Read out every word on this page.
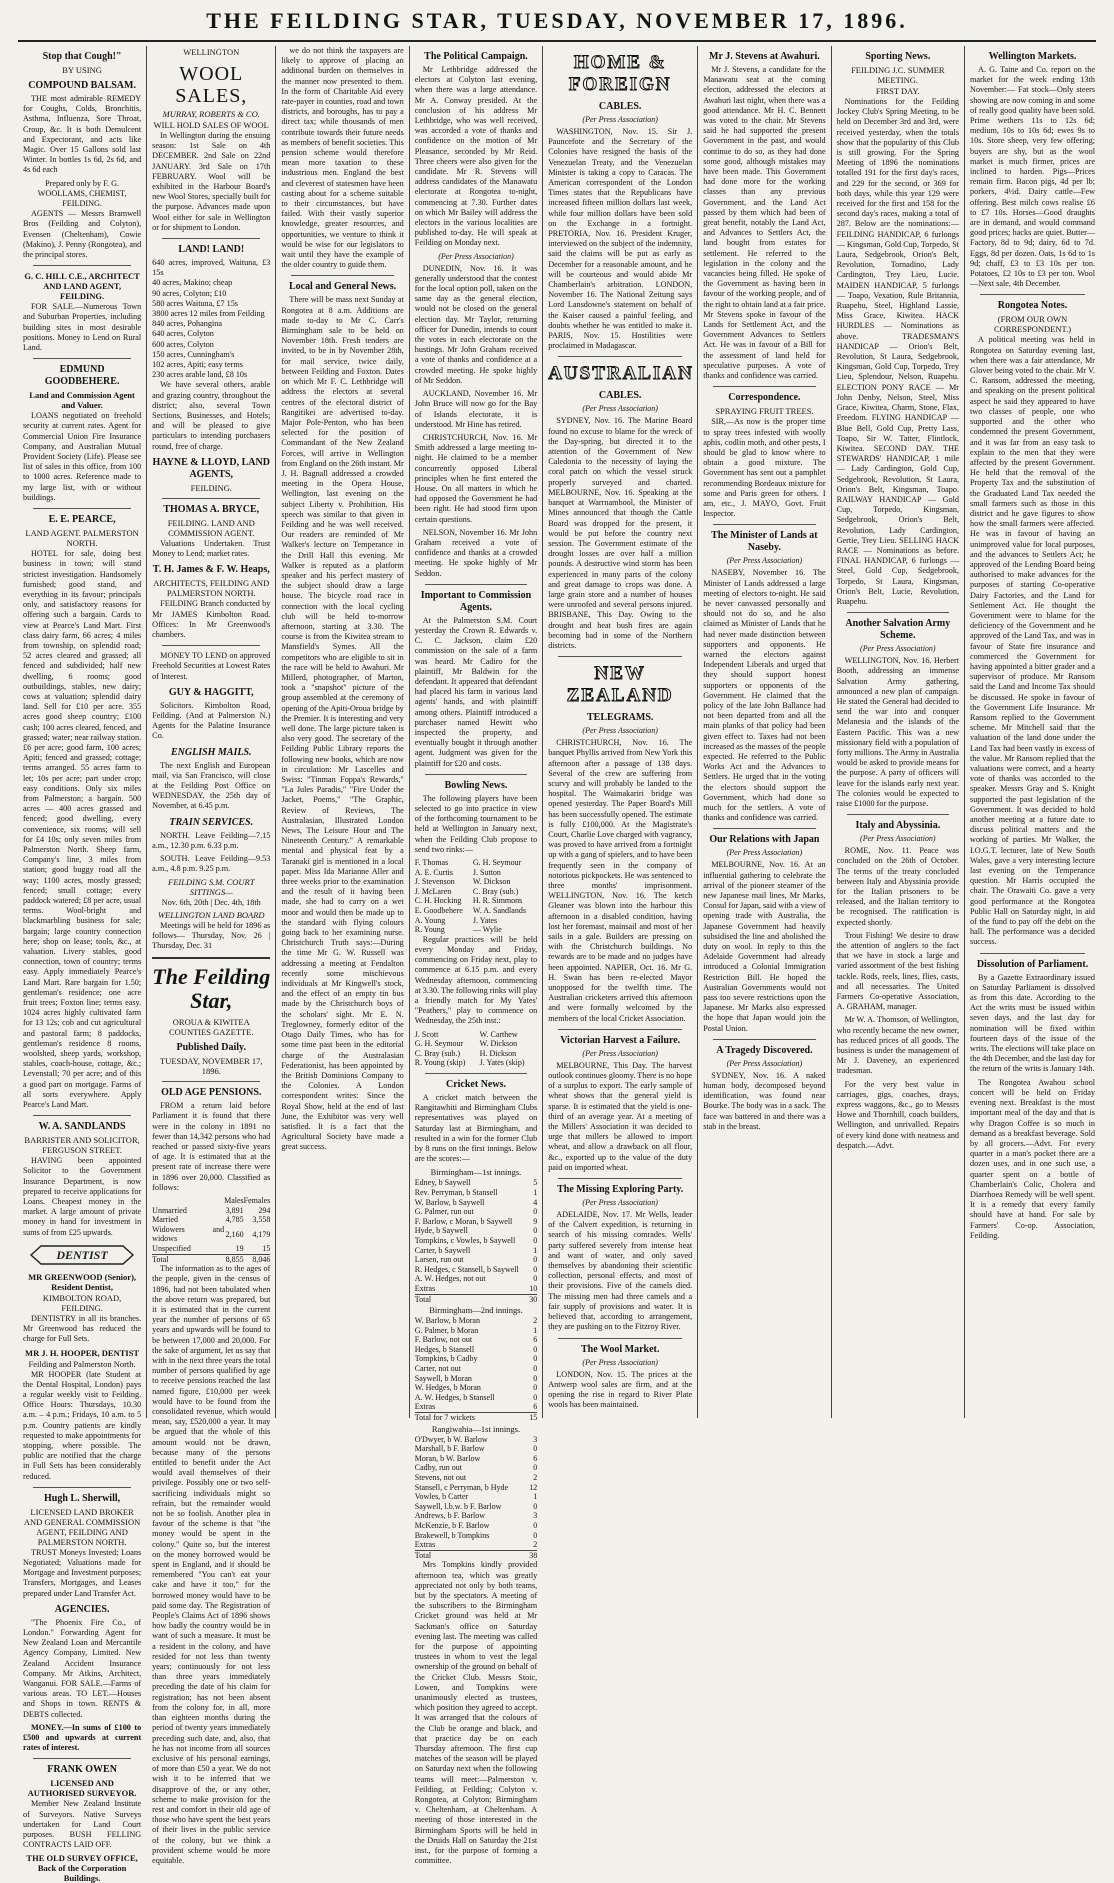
THE FEILDING STAR, TUESDAY, NOVEMBER 17, 1896.
Stop that Cough!"
BY USING
COMPOUND BALSAM.

THE most admirable REMEDY for Coughs, Colds, Bronchitis, Asthma, Influenza, Sore Throat, Croup, &c. It is both Demulcent and Expectorant, and acts like Magic. Over 15 Gallons sold last Winter. In bottles 1s 6d, 2s 6d, and 4s 6d each

Prepared only by F. G. WOOLLAMS, CHEMIST, FEILDING.

AGENTS — Messrs Bramwell Bros (Feilding and Colyton), Evensen (Cheltenham), Cowie (Makino), J. Penny (Rongotea), and the principal stores.

G. C. HILL C.E., ARCHITECT AND LAND AGENT, FEILDING.

FOR SALE.—Numerous Town and Suburban Properties, including building sites in most desirable positions. Money to Lend on Rural Land.

EDMUND GOODBEHERE.
Land and Commission Agent and Valuer.

LOANS negotiated on freehold security at current rates. Agent for Commercial Union Fire Insurance Company, and Australian Mutual Provident Society (Life). Please see list of sales in this office, from 100 to 1000 acres. Reference made to my large list, with or without buildings.

E. E. PEARCE,
LAND AGENT. PALMERSTON NORTH.

HOTEL for sale, doing best business in town; will stand strictest investigation. Handsomely furnished; good stand, and everything in its favour; principals only, and satisfactory reasons for offering such a bargain. Cards to view at Pearce's Land Mart. First class dairy farm, 66 acres; 4 miles from township, on splendid road; 52 acres cleared and grassed; all fenced and subdivided; half new dwelling, 6 rooms; good outbuildings, stables, new dairy; cows at valuation; splendid dairy land. Sell for £10 per acre. 355 acres good sheep country; £100 cash; 100 acres cleared, fenced, and grassed; water; near railway station. £6 per acre; good farm, 100 acres; Apiti; fenced and grassed; cottage; terms arranged. 55 acres farm to let; 10s per acre; part under crop; easy conditions. Only six miles from Palmerston; a bargain. 500 acres — 400 acres grassed and fenced; good dwelling, every convenience, six rooms; will sell for £4 10s; only seven miles from Palmerston North. Sheep farm, Company's line, 3 miles from station; good buggy road all the way; 1100 acres, mostly grassed; fenced; small cottage; every paddock watered; £8 per acre, usual terms. Wool-bright and blackmarbling business for sale; bargain; large country connection here; shop on lease; tools, &c., at valuation. Livery stables, good connection, town of country; terms easy. Apply immediately Pearce's Land Mart. Rare bargain for 1.50; gentleman's residence; one acre fruit trees; Foxton line; terms easy. 1024 acres highly cultivated farm for 13 12s; cob and cut agricultural and pastoral farm; 8 paddocks, gentleman's residence 8 rooms, woolshed, sheep yards, workshop, stables, coach-house, cottage, &c.; Levenstall; 70 per acre; and of this a good part on mortgage. Farms of all sorts everywhere. Apply Pearce's Land Mart.

W. A. SANDLANDS
BARRISTER AND SOLICITOR, FERGUSON STREET.

HAVING been appointed Solicitor to the Government Insurance Department, is now prepared to receive applications for Loans. Cheapest money in the market. A large amount of private money in hand for investment in sums of from £25 upwards.

DENTIST
MR GREENWOOD (Senior), Resident Dentist,
KIMBOLTON ROAD, FEILDING.

DENTISTRY in all its branches. Mr Greenwood has reduced the charge for Full Sets.

MR J. H. HOOPER, DENTIST
Feilding and Palmerston North.

MR HOOPER (late Student at the Dental Hospital, London) pays a regular weekly visit to Feilding. Office Hours: Thursdays, 10.30 a.m. – 4 p.m.; Fridays, 10 a.m. to 5 p.m. Country patients are kindly requested to make appointments for stopping, where possible. The public are notified that the charge in Full Sets has been considerably reduced.

Hugh L. Sherwill,
LICENSED LAND BROKER AND GENERAL COMMISSION AGENT, FEILDING AND PALMERSTON NORTH.

TRUST Moneys Invested; Loans Negotiated; Valuations made for Mortgage and Investment purposes; Transfers, Mortgages, and Leases prepared under Land Transfer Act.

AGENCIES.

"The Phoenix Fire Co., of London." Forwarding Agent for New Zealand Loan and Mercantile Agency Company, Limited. New Zealand Accident Insurance Company. Mr Atkins, Architect, Wanganui. FOR SALE.—Farms of various areas. TO LET.—Houses and Shops in town. RENTS & DEBTS collected.

MONEY.—In sums of £100 to £500 and upwards at current rates of interest.

FRANK OWEN
LICENSED AND AUTHORISED SURVEYOR.

Member New Zealand Institute of Surveyors. Native Surveys undertaken for Land Court purposes. BUSH FELLING CONTRACTS LAID OFF.

THE OLD SURVEY OFFICE, Back of the Corporation Buildings.
WELLINGTON
WOOL SALES,
MURRAY, ROBERTS & CO.
WILL HOLD SALES OF WOOL

In Wellington during the ensuing season: 1st Sale on 4th DECEMBER. 2nd Sale on 22nd JANUARY. 3rd Sale on 17th FEBRUARY. Wool will be exhibited in the Harbour Board's new Wool Stores, specially built for the purpose. Advances made upon Wool either for sale in Wellington or for shipment to London.

LAND! LAND!
640 acres, improved, Waituna, £3 15s
40 acres, Makino; cheap
90 acres, Colyton; £10
580 acres Waituna, £7 15s
3800 acres 12 miles from Feilding
840 acres, Pohangina
640 acres, Colyton
600 acres, Colyton
150 acres, Cunningham's
102 acres, Apiti; easy terms
230 acres arable land, £8 10s

We have several others, arable and grazing country, throughout the district; also, several Town Sections, Businesses, and Hotels; and will be pleased to give particulars to intending purchasers round, free of charge.

HAYNE & LLOYD, LAND AGENTS,
FEILDING.
THOMAS A. BRYCE,
FEILDING. LAND AND COMMISSION AGENT.

Valuations Undertaken. Trust Money to Lend; market rates.

T. H. James & F. W. Heaps,
ARCHITECTS, FEILDING AND PALMERSTON NORTH.

FEILDING Branch conducted by Mr JAMES Kimbolton Road. Offices: In Mr Greenwood's chambers.

MONEY TO LEND on approved Freehold Securities at Lowest Rates of Interest.

GUY & HAGGITT,

Solicitors. Kimbolton Road, Feilding. (And at Palmerston N.) Agents for the Palatine Insurance Co.

ENGLISH MAILS.

The next English and European mail, via San Francisco, will close at the Feilding Post Office on WEDNESDAY, the 25th day of November, at 6.45 p.m.

TRAIN SERVICES.

NORTH. Leave Feilding—7.15 a.m., 12.30 p.m. 6.33 p.m.

SOUTH. Leave Feilding—9.53 a.m., 4.8 p.m. 9.25 p.m.

FEILDING S.M. COURT SITTINGS—
Nov. 6th, 20th | Dec. 4th, 18th
WELLINGTON LAND BOARD

Meetings will be held for 1896 as follows— Thursday, Nov. 26 | Thursday, Dec. 31

The Feilding Star,
OROUA & KIWITEA COUNTIES GAZETTE.
Published Daily.
TUESDAY, NOVEMBER 17, 1896.
OLD AGE PENSIONS.

FROM a return laid before Parliament it is found that there were in the colony in 1891 no fewer than 14,342 persons who had reached or passed sixty-five years of age. It is estimated that at the present rate of increase there were in 1896 over 20,000. Classified as follows:

	Males	Females
Unmarried	3,891	294
Married	4,785	3,558
Widowers and widows	2,160	4,179
Unspecified	19	15
Total	8,855	8,046

The information as to the ages of the people, given in the census of 1896, had not been tabulated when the above return was prepared, but it is estimated that in the current year the number of persons of 65 years and upwards will be found to be between 17,000 and 20,000. For the sake of argument, let us say that with in the next three years the total number of persons qualified by age to receive pensions reached the last named figure, £10,000 per week would have to be found from the consolidated revenue, which would mean, say, £520,000 a year. It may be argued that the whole of this amount would not be drawn, because many of the persons entitled to benefit under the Act would avail themselves of their privilege. Possibly one or two self-sacrificing individuals might so refrain, but the remainder would not be so foolish. Another plea in favour of the scheme is that "the money would be spent in the colony." Quite so, but the interest on the money borrowed would be spent in England, and it should be remembered "You can't eat your cake and have it too," for the borrowed money would have to be paid some day. The Registration of People's Claims Act of 1896 shows how badly the country would be in want of such a measure. It must be a resident in the colony, and have resided for not less than twenty years; continuously for not less than three years immediately preceding the date of his claim for registration; has not been absent from the colony for, in all, more than eighteen months during the period of twenty years immediately preceding such date, and, also, that he has not income from all sources exclusive of his personal earnings, of more than £50 a year. We do not wish it to be inferred that we disapprove of the, or any other, scheme to make provision for the rest and comfort in their old age of those who have spent the best years of their lives in the public service of the colony, but we think a provident scheme would be more equitable.

we do not think the taxpayers are likely to approve of placing an additional burden on themselves in the manner now presented to them. In the form of Charitable Aid every rate-payer in counties, road and town districts, and boroughs, has to pay a direct tax; while thousands of men contribute towards their future needs as members of benefit societies. This pension scheme would therefore mean more taxation to these industrious men. England the best and cleverest of statesmen have been casting about for a scheme suitable to their circumstances, but have failed. With their vastly superior knowledge, greater resources, and opportunities, we venture to think it would be wise for our legislators to wait until they have the example of the older country to guide them.

Local and General News.

There will be mass next Sunday at Rongotea at 8 a.m. Additions are made to-day to Mr C. Carr's Birmingham sale to be held on November 18th. Fresh tenders are invited, to be in by November 28th, for mail service, twice daily, between Feilding and Foxton. Dates on which Mr F. C. Lethbridge will address the electors at several centres of the electoral district of Rangitikei are advertised to-day. Major Pole-Penton, who has been selected for the position of Commandant of the New Zealand Forces, will arrive in Wellington from England on the 26th instant. Mr J. H. Bagnall addressed a crowded meeting in the Opera House, Wellington, last evening on the subject Liberty v. Prohibition. His speech was similar to that given in Feilding and he was well received. Our readers are reminded of Mr Walker's lecture on Temperance in the Drill Hall this evening. Mr Walker is reputed as a platform speaker and his perfect mastery of the subject should draw a large house. The bicycle road race in connection with the local cycling club will be held to-morrow afternoon, starting at 3.30. The course is from the Kiwitea stream to Mansfield's Symes. All the competitors who are eligible to sit in the race will be held to Awahuri. Mr Millerd, photographer, of Marton, took a "snapshot" picture of the group assembled at the ceremony of opening of the Apiti-Oroua bridge by the Premier. It is interesting and very well done. The large picture taken is also very good. The secretary of the Feilding Public Library reports the following new books, which are now in circulation: Mr Lascelles and Swiss: "Tinman Foppa's Rewards," "La Jules Paradis," "Fire Under the Jacket, Poems," "The Graphic, Review of Reviews, The Australasian, Illustrated London News, The Leisure Hour and The Nineteenth Century." A remarkable mental and physical feat by a Taranaki girl is mentioned in a local paper. Miss Ida Marianne Aller and three weeks prior to the examination and the result of it having been made, she had to carry on a wet moor and would then be made up to the standard with flying colours going back to her examining nurse. Christchurch Truth says:—During the time Mr G. W. Russell was addressing a meeting at Fendalton recently some mischievous individuals at Mr Kingwell's stock, and the effect of an empty tin bus made by the Christchurch boys of the scholars' sight. Mr E. N. Treglowney, formerly editor of the Otago Daily Times, who has for some time past been in the editorial charge of the Australasian Federationist, has been appointed by the British Dominions Company to the Colonies. A London correspondent writes: Since the Royal Show, held at the end of last June, the Exhibitor was very well satisfied. It is a fact that the Agricultural Society have made a great success.

The Political Campaign.

Mr Lethbridge addressed the electors at Colyton last evening, when there was a large attendance. Mr A. Conway presided. At the conclusion of his address Mr Lethbridge, who was well received, was accorded a vote of thanks and confidence on the motion of Mr Pleasance, seconded by Mr Reid. Three cheers were also given for the candidate. Mr R. Stevens will address candidates of the Manawatu electorate at Rongotea to-night, commencing at 7.30. Further dates on which Mr Bailey will address the electors in the various localities are published to-day. He will speak at Feilding on Monday next.

(Per Press Association)

DUNEDIN, Nov. 16. It was generally understood that the contest for the local option poll, taken on the same day as the general election, would not be closed on the general election day. Mr Taylor, returning officer for Dunedin, intends to count the votes in each electorate on the hustings. Mr John Graham received a vote of thanks and confidence at a crowded meeting. He spoke highly of Mr Seddon.

AUCKLAND, November 16. Mr John Bruce will now go for the Bay of Islands electorate, it is understood. Mr Hine has retired.

CHRISTCHURCH, Nov. 16. Mr Smith addressed a large meeting to-night. He claimed to be a member concurrently opposed Liberal principles when he first entered the House. On all matters in which he had opposed the Government he had been right. He had stood firm upon certain questions.

NELSON, November 16. Mr John Graham received a vote of confidence and thanks at a crowded meeting. He spoke highly of Mr Seddon.

Important to Commission Agents.

At the Palmerston S.M. Court yesterday the Crown R. Edwards v. C. C. Jackson, claim £20 commission on the sale of a farm was heard. Mr Cadiro for the plaintiff, Mr Baldwin for the defendant. It appeared that defendant had placed his farm in various land agents' hands, and with plaintiff among others. Plaintiff introduced a purchaser named Hewitt who inspected the property, and eventually bought it through another agent. Judgment was given for the plaintiff for £20 and costs.

Bowling News.

The following players have been selected to go into practice in view of the forthcoming tournament to be held at Wellington in January next, when the Feilding Club propose to send two rinks:—

F. Thomas	G. H. Seymour
A. E. Curtis	J. Sutton
J. Stevenson	W. Dickson
J. McLaren	C. Bray (sub.)
C. H. Hocking	H. R. Simmons
E. Goodbehere	W. A. Sandlands
A. Young	J. Yates
R. Young	— Wylie

Regular practices will be held every Monday and Friday, commencing on Friday next, play to commence at 6.15 p.m. and every Wednesday afternoon, commencing at 3.30. The following rinks will play a friendly match for My Yates' "Peathers," play to commence on Wednesday, the 25th inst.:

J. Scott	W. Carthew
G. H. Seymour	W. Dickson
C. Bray (sub.)	H. Dickson
R. Young (skip)	J. Yates (skip)
Cricket News.

A cricket match between the Rangitawhiti and Birmingham Clubs representatives was played on Saturday last at Birmingham, and resulted in a win for the former Club by 8 runs on the first innings. Below are the scores:—

Birmingham—1st innings.
Edney, b Saywell	5
Rev. Perryman, b Stansell	1
W. Barlow, b Saywell	4
G. Palmer, run out	0
F. Barlow, c Moran, b Saywell	9
Hyde, b Saywell	0
Tompkins, c Vowles, b Saywell	0
Carter, b Saywell	1
Larsen, run out	0
R. Hedges, c Stansell, b Saywell	0
A. W. Hedges, not out	0
Extras	10
Total	30
Birmingham—2nd innings.
W. Barlow, b Moran	2
G. Palmer, b Moran	1
F. Barlow, not out	6
Hedges, b Stansell	0
Tompkins, b Cadby	0
Carter, not out	0
Saywell, b Moran	0
W. Hedges, b Moran	0
A. W. Hedges, b Stansell	0
Extras	6
Total for 7 wickets	15
Rangiwahia—1st innings.
O'Dwyer, b W. Barlow	3
Marshall, b F. Barlow	0
Moran, b W. Barlow	6
Cadby, run out	0
Stevens, not out	2
Stansell, c Perryman, b Hyde	12
Vowles, b Carter	1
Saywell, l.b.w. b F. Barlow	0
Andrews, b F. Barlow	3
McKenzie, b F. Barlow	0
Brakewell, b Tompkins	0
Extras	2
Total	38

Mrs Tompkins kindly provided afternoon tea, which was greatly appreciated not only by both teams, but by the spectators. A meeting of the subscribers to the Birmingham Cricket ground was held at Mr Sackman's office on Saturday evening last. The meeting was called for the purpose of appointing trustees in whom to vest the legal ownership of the ground on behalf of the Cricket Club. Messrs Stoic, Lowen, and Tompkins were unanimously elected as trustees, which position they agreed to accept. It was arranged that the colours of the Club be orange and black, and that practice day be on each Thursday afternoon. The first cup matches of the season will be played on Saturday next when the following teams will meet:—Palmerston v. Feilding, at Feilding; Colyton v. Rongotea, at Colyton; Birmingham v. Cheltenham, at Cheltenham. A meeting of those interested in the Birmingham Sports will be held in the Druids Hall on Saturday the 21st inst., for the purpose of forming a committee.

HOME & FOREIGN
CABLES.
(Per Press Association)

WASHINGTON, Nov. 15. Sir J. Pauncefote and the Secretary of the Colonies have resigned the basis of the Venezuelan Treaty, and the Venezuelan Minister is taking a copy to Caracas. The American correspondent of the London Times states that the Republicans have increased fifteen million dollars last week, while four million dollars have been sold on the Exchange in a fortnight. PRETORIA, Nov. 16. President Kruger, interviewed on the subject of the indemnity, said the claims will be put as early as December for a reasonable amount, and he will be courteous and would abide Mr Chamberlain's arbitration. LONDON, November 16. The National Zeitung says Lord Lansdowne's statement on behalf of the Kaiser caused a painful feeling, and doubts whether he was entitled to make it. PARIS, Nov. 15. Hostilities were proclaimed in Madagascar.

AUSTRALIAN
CABLES.
(Per Press Association)

SYDNEY, Nov. 16. The Marine Board found no excuse to blame for the wreck of the Day-spring, but directed it to the attention of the Government of New Caledonia to the necessity of laying the coral patch on which the vessel struck properly surveyed and charted. MELBOURNE, Nov. 16. Speaking at the banquet at Warrnambool, the Minister of Mines announced that though the Cattle Board was dropped for the present, it would be put before the country next session. The Government estimate of the drought losses are over half a million pounds. A destructive wind storm has been experienced in many parts of the colony and great damage to crops was done. A large grain store and a number of houses were unroofed and several persons injured. BRISBANE, This Day. Owing to the drought and heat bush fires are again becoming bad in some of the Northern districts.

NEW ZEALAND
TELEGRAMS.
(Per Press Association)

CHRISTCHURCH, Nov. 16. The banquet Phyllis arrived from New York this afternoon after a passage of 138 days. Several of the crew are suffering from scurvy and will probably be landed to the hospital. The Waimakariri bridge was opened yesterday. The Paper Board's Mill has been successfully opened. The estimate is fully £100,000. At the Magistrate's Court, Charlie Love charged with vagrancy, was proved to have arrived from a fortnight up with a gang of spielers, and to have been frequently seen in the company of notorious pickpockets. He was sentenced to three months' imprisonment. WELLINGTON, Nov. 16. The ketch Gleaner was blown into the harbour this afternoon in a disabled condition, having lost her foremast, mainsail and most of her sails in a gale. Builders are pressing on with the Christchurch buildings. No rewards are to be made and no judges have been appointed. NAPIER, Oct. 16. Mr G. H. Swan has been re-elected Mayor unopposed for the twelfth time. The Australian cricketers arrived this afternoon and were formally welcomed by the members of the local Cricket Association.

Victorian Harvest a Failure.
(Per Press Association)

MELBOURNE, This Day. The harvest outlook continues gloomy. There is no hope of a surplus to export. The early sample of wheat shows that the general yield is sparse. It is estimated that the yield is one-third of an average year. At a meeting of the Millers' Association it was decided to urge that millers be allowed to import wheat, and allow a drawback on all flour, &c., exported up to the value of the duty paid on imported wheat.

The Missing Exploring Party.
(Per Press Association)

ADELAIDE, Nov. 17. Mr Wells, leader of the Calvert expedition, is returning in search of his missing comrades. Wells' party suffered severely from intense heat and want of water, and only saved themselves by abandoning their scientific collection, personal effects, and most of their provisions. Five of the camels died. The missing men had three camels and a fair supply of provisions and water. It is believed that, according to arrangement, they are pushing on to the Fitzroy River.

The Wool Market.
(Per Press Association)

LONDON, Nov. 15. The prices at the Antwerp wool sales are firm, and at the opening the rise in regard to River Plate wools has been maintained.

Mr J. Stevens at Awahuri.

Mr J. Stevens, a candidate for the Manawatu seat at the coming election, addressed the electors at Awahuri last night, when there was a good attendance. Mr H. C. Bennett was voted to the chair. Mr Stevens said he had supported the present Government in the past, and would continue to do so, as they had done some good, although mistakes may have been made. This Government had done more for the working classes than any previous Government, and the Land Act passed by them which had been of great benefit, notably the Land Act, and Advances to Settlers Act, the land bought from estates for settlement. He referred to the legislation in the colony and the vacancies being filled. He spoke of the Government as having been in favour of the working people, and of the right to obtain land at a fair price. Mr Stevens spoke in favour of the Lands for Settlement Act, and the Government Advances to Settlers Act. He was in favour of a Bill for the assessment of land held for speculative purposes. A vote of thanks and confidence was carried.

Correspondence.
SPRAYING FRUIT TREES.

SIR,—As now is the proper time to spray trees infested with woolly aphis, codlin moth, and other pests, I should be glad to know where to obtain a good mixture. The Government has sent out a pamphlet recommending Bordeaux mixture for some and Paris green for others. I am, etc., J. MAYO, Govt. Fruit Inspector.

The Minister of Lands at Naseby.
(Per Press Association)

NASEBY, November 16. The Minister of Lands addressed a large meeting of electors to-night. He said he never canvassed personally and should not do so, and he also claimed as Minister of Lands that he had never made distinction between supporters and opponents. He warned the electors against Independent Liberals and urged that they should support honest supporters or opponents of the Government. He claimed that the policy of the late John Ballance had not been departed from and all the main planks of that policy had been given effect to. Taxes had not been increased as the masses of the people expected. He referred to the Public Works Act and the Advances to Settlers. He urged that in the voting the electors should support the Government, which had done so much for the settlers. A vote of thanks and confidence was carried.

Our Relations with Japan
(Per Press Association)

MELBOURNE, Nov. 16. At an influential gathering to celebrate the arrival of the pioneer steamer of the new Japanese mail lines, Mr Marks, Consul for Japan, said with a view of opening trade with Australia, the Japanese Government had heavily subsidised the line and abolished the duty on wool. In reply to this the Adelaide Government had already introduced a Colonial Immigration Restriction Bill. He hoped the Australian Governments would not pass too severe restrictions upon the Japanese. Mr Marks also expressed the hope that Japan would join the Postal Union.

A Tragedy Discovered.
(Per Press Association)

SYDNEY, Nov. 16. A naked human body, decomposed beyond identification, was found near Bourke. The body was in a sack. The face was battered in and there was a stab in the breast.

Sporting News.
FEILDING J.C. SUMMER MEETING.
FIRST DAY.

Nominations for the Feilding Jockey Club's Spring Meeting, to be held on December 3rd and 3rd, were received yesterday, when the totals show that the popularity of this Club is still growing. For the Spring Meeting of 1896 the nominations totalled 191 for the first day's races, and 229 for the second, or 369 for both days, while this year 129 were received for the first and 158 for the second day's races, making a total of 287. Below are the nominations:— FEILDING HANDICAP, 6 furlongs — Kingsman, Gold Cup, Torpedo, St Laura, Sedgebrook, Orion's Belt, Revolution, Tornadino, Lady Cardington, Trey Lieu, Lucie. MAIDEN HANDICAP, 5 furlongs — Toapo, Vexation, Rule Britannia, Ruapehu, Steel, Highland Lassie, Miss Grace, Kiwitea. HACK HURDLES — Nominations as above. TRADESMAN'S HANDICAP — Orion's Belt, Revolution, St Laura, Sedgebrook, Kingsman, Gold Cup, Torpedo, Trey Lieu, Splendour, Nelson, Ruapehu. ELECTION PONY RACE — Mr John Denby, Nelson, Steel, Miss Grace, Kiwitea, Charm, Stone, Flax, Freedom. FLYING HANDICAP — Blue Bell, Gold Cup, Pretty Lass, Toapo, Sir W. Tatter, Flintlock, Kiwitea. SECOND DAY. THE STEWARDS' HANDICAP, 1 mile — Lady Cardington, Gold Cup, Sedgebrook, Revolution, St Laura, Orion's Belt, Kingsman, Toapo. RAILWAY HANDICAP — Gold Cup, Torpedo, Kingsman, Sedgebrook, Orion's Belt, Revolution, Lady Cardington, Gertie, Trey Lieu. SELLING HACK RACE — Nominations as before. FINAL HANDICAP, 6 furlongs — Steel, Gold Cup, Sedgebrook, Torpedo, St Laura, Kingsman, Orion's Belt, Lucie, Revolution, Ruapehu.

Another Salvation Army Scheme.
(Per Press Association)

WELLINGTON, Nov. 16. Herbert Booth, addressing an immense Salvation Army gathering, announced a new plan of campaign. He stated the General had decided to send the war into and conquer Melanesia and the islands of the Eastern Pacific. This was a new missionary field with a population of forty millions. The Army in Australia would be asked to provide means for the purpose. A party of officers will leave for the islands early next year. The colonies would be expected to raise £1000 for the purpose.

Italy and Abyssinia.
(Per Press Association)

ROME, Nov. 11. Peace was concluded on the 26th of October. The terms of the treaty concluded between Italy and Abyssinia provide for the Italian prisoners to be released, and the Italian territory to be recognised. The ratification is expected shortly.

Trout Fishing! We desire to draw the attention of anglers to the fact that we have in stock a large and varied assortment of the best fishing tackle. Rods, reels, lines, flies, casts, and all necessaries. The United Farmers Co-operative Association, A. GRAHAM, manager.

Mr W. A. Thomson, of Wellington, who recently became the new owner, has reduced prices of all goods. The business is under the management of Mr J. Daveney, an experienced tradesman.

For the very best value in carriages, gigs, coaches, drays, express waggons, &c., go to Messrs Howe and Thornhill, coach builders, Wellington, and unrivalled. Repairs of every kind done with neatness and despatch.—Advt.

Wellington Markets.

A. G. Taine and Co. report on the market for the week ending 13th November:— Fat stock—Only steers showing are now coming in and some of really good quality have been sold. Prime wethers 11s to 12s 6d; medium, 10s to 10s 6d; ewes 9s to 10s. Store sheep, very few offering; buyers are shy, but as the wool market is much firmer, prices are inclined to harden. Pigs—Prices remain firm. Bacon pigs, 4d per lb; porkers, 4½d. Dairy cattle—Few offering. Best milch cows realise £6 to £7 10s. Horses—Good draughts are in demand, and would command good prices; hacks are quiet. Butter—Factory, 8d to 9d; dairy, 6d to 7d. Eggs, 8d per dozen. Oats, 1s 6d to 1s 9d; chaff, £3 to £3 10s per ton. Potatoes, £2 10s to £3 per ton. Wool—Next sale, 4th December.

Rongotea Notes.
(FROM OUR OWN CORRESPONDENT.)

A political meeting was held in Rongotea on Saturday evening last, when there was a fair attendance, Mr Glover being voted to the chair. Mr V. C. Ransom, addressed the meeting, and speaking on the present political aspect he said they appeared to have two classes of people, one who supported and the other who condemned the present Government, and it was far from an easy task to explain to the men that they were affected by the present Government. He held that the removal of the Property Tax and the substitution of the Graduated Land Tax needed the small farmers such as those in this district and he gave figures to show how the small farmers were affected. He was in favour of having an unimproved value for local purposes, and the advances to Settlers Act; he approved of the Lending Board being authorised to make advances for the purposes of starting Co-operative Dairy Factories, and the Land for Settlement Act. He thought the Government were to blame for the deficiency of the Government and he approved of the Land Tax, and was in favour of State fire insurance and commerced the Government for having appointed a bitter grader and a supervisor of produce. Mr Ransom said the Land and Income Tax should be discussed. He spoke in favour of the Government Life Insurance. Mr Ransom replied to the Government scheme. Mr Mitchell said that the valuation of the land done under the Land Tax had been vastly in excess of the value. Mr Ransom replied that the valuations were correct, and a hearty vote of thanks was accorded to the speaker. Messrs Gray and S. Knight supported the past legislation of the Government. It was decided to hold another meeting at a future date to discuss political matters and the working of parties. Mr Walker, the I.O.G.T. lecturer, late of New South Wales, gave a very interesting lecture last evening on the Temperance question. Mr Harris occupied the chair. The Orawaiti Co. gave a very good performance at the Rongotea Public Hall on Saturday night, in aid of the fund to pay off the debt on the hall. The performance was a decided success.

Dissolution of Parliament.

By a Gazette Extraordinary issued on Saturday Parliament is dissolved as from this date. According to the Act the writs must be issued within seven days, and the last day for nomination will be fixed within fourteen days of the issue of the writs. The elections will take place on the 4th December, and the last day for the return of the writs is January 14th.

The Rongotea Awahou school concert will be held on Friday evening next. Breakfast is the most important meal of the day and that is why Dragon Coffee is so much in demand as a breakfast beverage. Sold by all grocers.—Advt. For every quarter in a man's pocket there are a dozen uses, and in one such use, a quarter spent on a bottle of Chamberlain's Colic, Cholera and Diarrhoea Remedy will be well spent. It is a remedy that every family should have at hand. For sale by Farmers' Co-op. Association, Feilding.
